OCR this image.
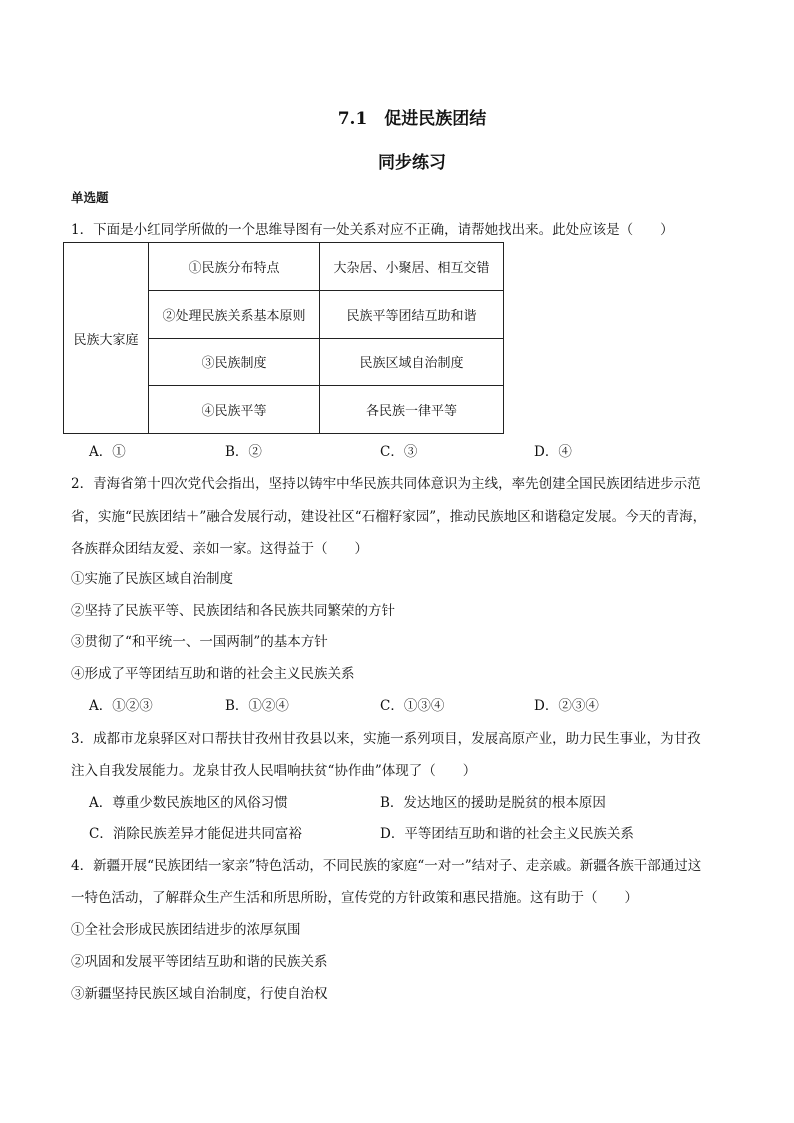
7.1　促进民族团结
同步练习
单选题
1．下面是小红同学所做的一个思维导图有一处关系对应不正确，请帮她找出来。此处应该是（　　）
民族大家庭	①民族分布特点	大杂居、小聚居、相互交错
	②处理民族关系基本原则	民族平等团结互助和谐
	③民族制度	民族区域自治制度
	④民族平等	各民族一律平等
A．①	B．②	C．③	D．④
2．青海省第十四次党代会指出，坚持以铸牢中华民族共同体意识为主线，率先创建全国民族团结进步示范
省，实施“民族团结＋”融合发展行动，建设社区“石榴籽家园”，推动民族地区和谐稳定发展。今天的青海，
各族群众团结友爱、亲如一家。这得益于（　　）
①实施了民族区域自治制度
②坚持了民族平等、民族团结和各民族共同繁荣的方针
③贯彻了“和平统一、一国两制”的基本方针
④形成了平等团结互助和谐的社会主义民族关系
A．①②③	B．①②④	C．①③④	D．②③④
3．成都市龙泉驿区对口帮扶甘孜州甘孜县以来，实施一系列项目，发展高原产业，助力民生事业，为甘孜
注入自我发展能力。龙泉甘孜人民唱响扶贫“协作曲”体现了（　　）
A．尊重少数民族地区的风俗习惯	B．发达地区的援助是脱贫的根本原因
C．消除民族差异才能促进共同富裕	D．平等团结互助和谐的社会主义民族关系
4．新疆开展“民族团结一家亲”特色活动，不同民族的家庭“一对一”结对子、走亲戚。新疆各族干部通过这
一特色活动，了解群众生产生活和所思所盼，宣传党的方针政策和惠民措施。这有助于（　　）
①全社会形成民族团结进步的浓厚氛围
②巩固和发展平等团结互助和谐的民族关系
③新疆坚持民族区域自治制度，行使自治权
